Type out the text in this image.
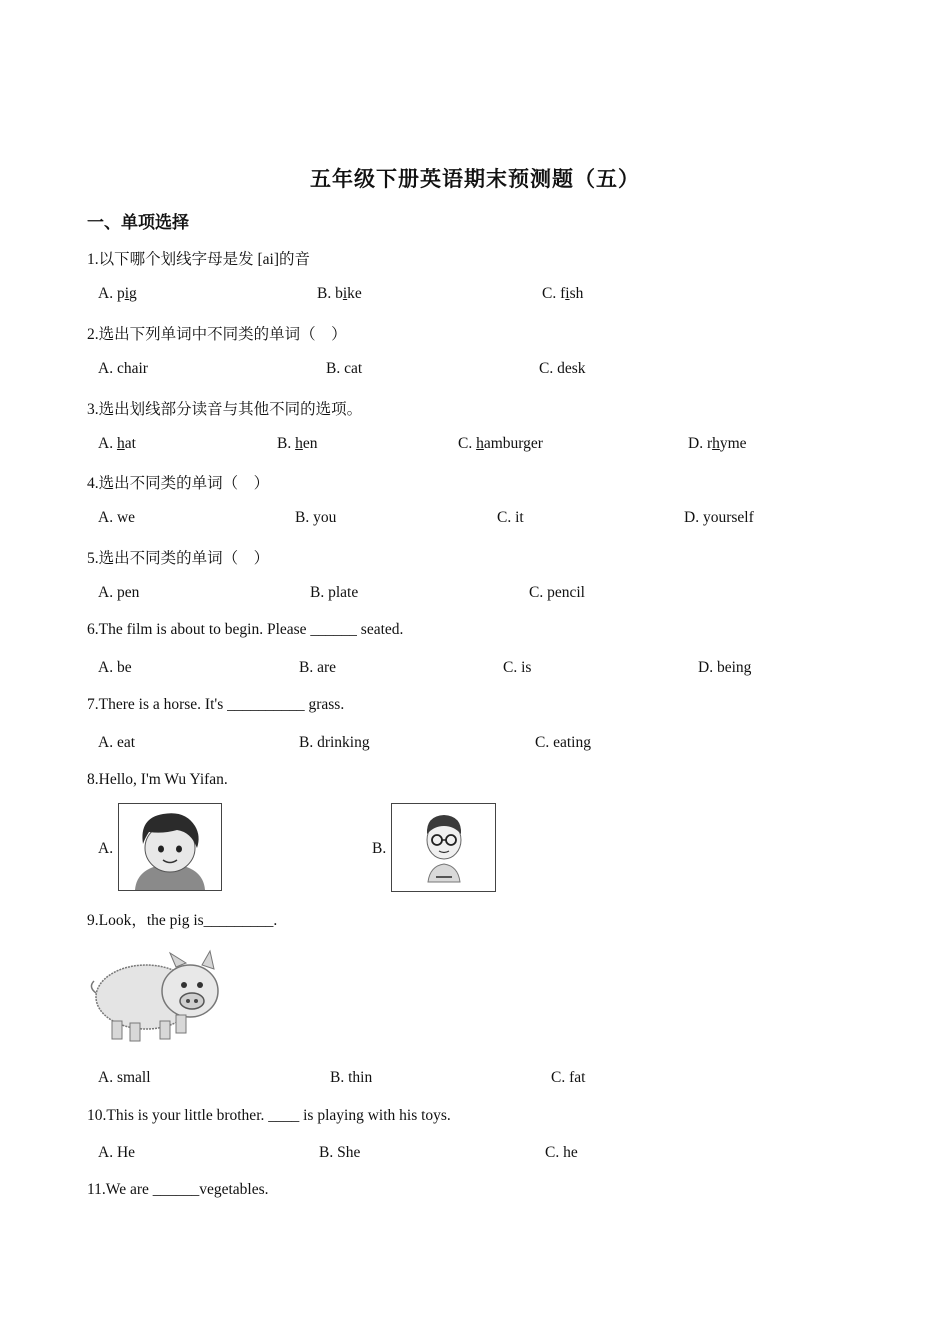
五年级下册英语期末预测题（五）
一、单项选择
1.以下哪个划线字母是发 [ai]的音
A. pig	B. bike	C. fish
2.选出下列单词中不同类的单词（　）
A. chair	B. cat	C. desk
3.选出划线部分读音与其他不同的选项。
A. hat	B. hen	C. hamburger	D. rhyme
4.选出不同类的单词（　）
A. we	B. you	C. it	D. yourself
5.选出不同类的单词（　）
A. pen	B. plate	C. pencil
6.The film is about to begin. Please ______ seated.
A. be	B. are	C. is	D. being
7.There is a horse. It's __________ grass.
A. eat	B. drinking	C. eating
8.Hello, I'm Wu Yifan.
A.	B.
9.Look，the pig is_________.
A. small	B. thin	C. fat
10.This is your little brother. ____ is playing with his toys.
A. He	B. She	C. he
11.We are ______vegetables.
